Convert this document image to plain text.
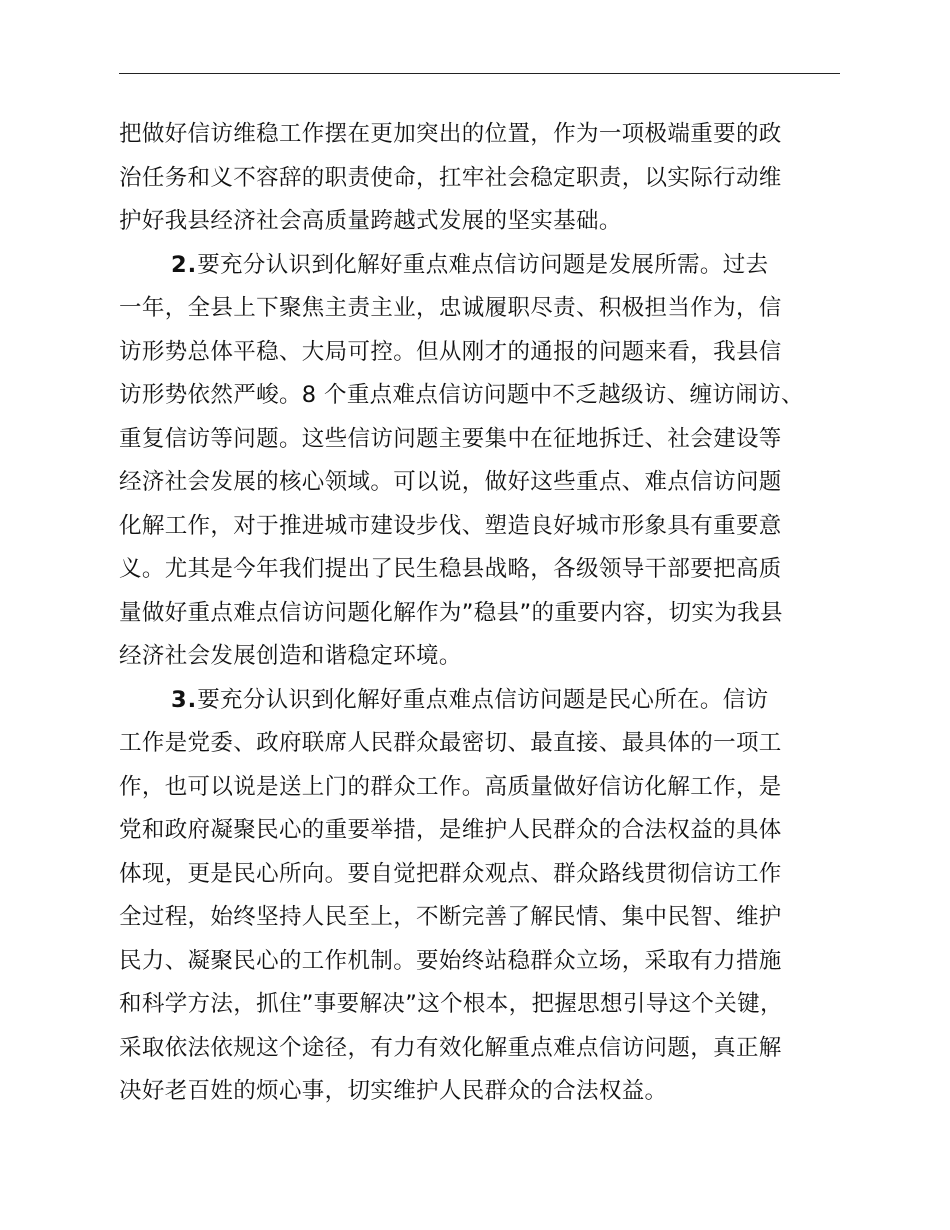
把做好信访维稳工作摆在更加突出的位置，作为一项极端重要的政
治任务和义不容辞的职责使命，扛牢社会稳定职责，以实际行动维
护好我县经济社会高质量跨越式发展的坚实基础。
2.要充分认识到化解好重点难点信访问题是发展所需。过去
一年，全县上下聚焦主责主业，忠诚履职尽责、积极担当作为，信
访形势总体平稳、大局可控。但从刚才的通报的问题来看，我县信
访形势依然严峻。8 个重点难点信访问题中不乏越级访、缠访闹访、
重复信访等问题。这些信访问题主要集中在征地拆迁、社会建设等
经济社会发展的核心领域。可以说，做好这些重点、难点信访问题
化解工作，对于推进城市建设步伐、塑造良好城市形象具有重要意
义。尤其是今年我们提出了民生稳县战略，各级领导干部要把高质
量做好重点难点信访问题化解作为”稳县”的重要内容，切实为我县
经济社会发展创造和谐稳定环境。
3.要充分认识到化解好重点难点信访问题是民心所在。信访
工作是党委、政府联席人民群众最密切、最直接、最具体的一项工
作，也可以说是送上门的群众工作。高质量做好信访化解工作，是
党和政府凝聚民心的重要举措，是维护人民群众的合法权益的具体
体现，更是民心所向。要自觉把群众观点、群众路线贯彻信访工作
全过程，始终坚持人民至上，不断完善了解民情、集中民智、维护
民力、凝聚民心的工作机制。要始终站稳群众立场，采取有力措施
和科学方法，抓住”事要解决”这个根本，把握思想引导这个关键，
采取依法依规这个途径，有力有效化解重点难点信访问题，真正解
决好老百姓的烦心事，切实维护人民群众的合法权益。
